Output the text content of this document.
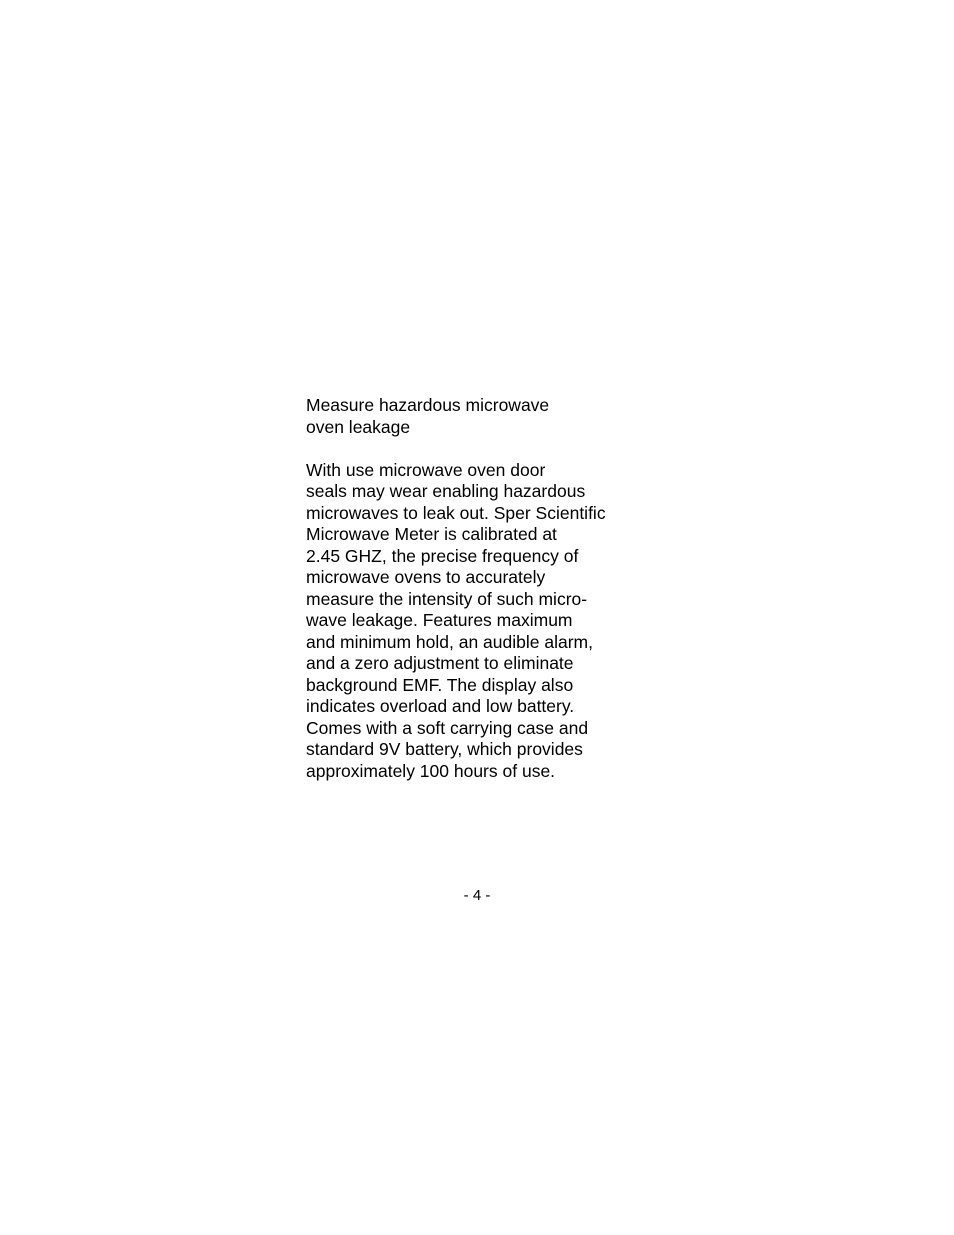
Measure hazardous microwave
oven leakage
With use microwave oven door
seals may wear enabling hazardous
microwaves to leak out. Sper Scientific
Microwave Meter is calibrated at
2.45 GHZ, the precise frequency of
microwave ovens to accurately
measure the intensity of such micro-
wave leakage. Features maximum
and minimum hold, an audible alarm,
and a zero adjustment to eliminate
background EMF. The display also
indicates overload and low battery.
Comes with a soft carrying case and
standard 9V battery, which provides
approximately 100 hours of use.
- 4 -
